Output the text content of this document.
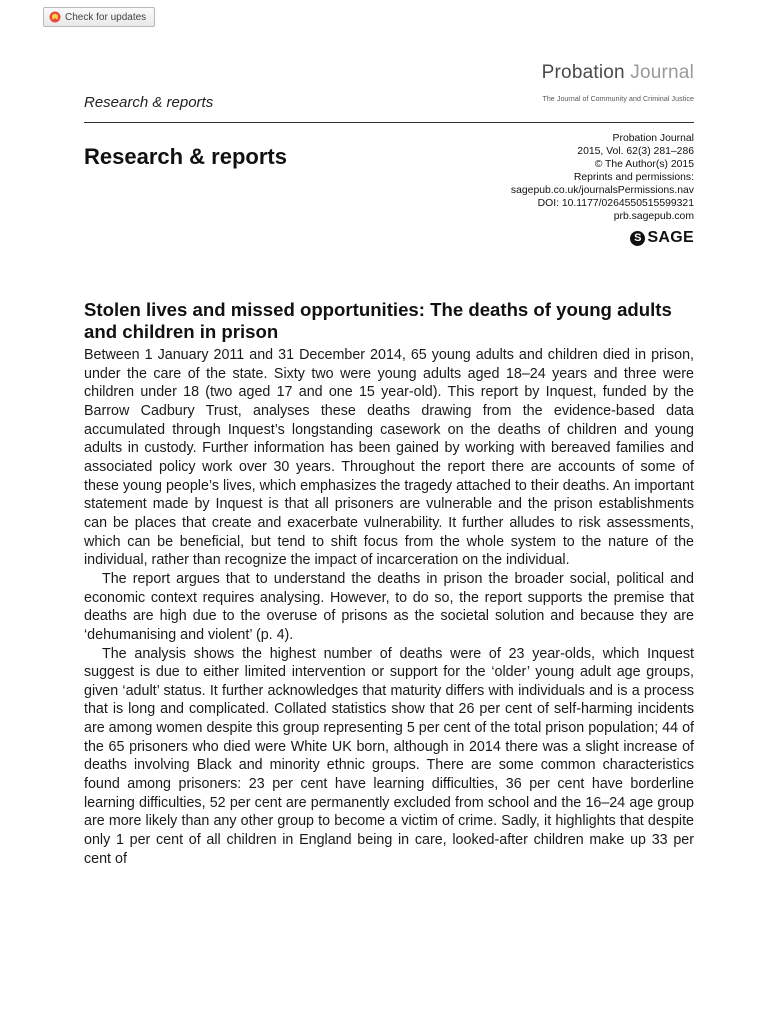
Check for updates
Probation Journal
The Journal of Community and Criminal Justice
Research & reports
Research & reports
Probation Journal
2015, Vol. 62(3) 281–286
© The Author(s) 2015
Reprints and permissions:
sagepub.co.uk/journalsPermissions.nav
DOI: 10.1177/0264550515599321
prb.sagepub.com
S SAGE
Stolen lives and missed opportunities: The deaths of young adults and children in prison

Between 1 January 2011 and 31 December 2014, 65 young adults and children died in prison, under the care of the state. Sixty two were young adults aged 18–24 years and three were children under 18 (two aged 17 and one 15 year-old). This report by Inquest, funded by the Barrow Cadbury Trust, analyses these deaths drawing from the evidence-based data accumulated through Inquest’s longstanding casework on the deaths of children and young adults in custody. Further information has been gained by working with bereaved families and associated policy work over 30 years. Throughout the report there are accounts of some of these young people’s lives, which emphasizes the tragedy attached to their deaths. An important statement made by Inquest is that all prisoners are vulnerable and the prison establishments can be places that create and exacerbate vulnerability. It further alludes to risk assessments, which can be beneficial, but tend to shift focus from the whole system to the nature of the individual, rather than recognize the impact of incarceration on the individual.

The report argues that to understand the deaths in prison the broader social, political and economic context requires analysing. However, to do so, the report supports the premise that deaths are high due to the overuse of prisons as the societal solution and because they are ‘dehumanising and violent’ (p. 4).

The analysis shows the highest number of deaths were of 23 year-olds, which Inquest suggest is due to either limited intervention or support for the ‘older’ young adult age groups, given ‘adult’ status. It further acknowledges that maturity differs with individuals and is a process that is long and complicated. Collated statistics show that 26 per cent of self-harming incidents are among women despite this group representing 5 per cent of the total prison population; 44 of the 65 prisoners who died were White UK born, although in 2014 there was a slight increase of deaths involving Black and minority ethnic groups. There are some common characteristics found among prisoners: 23 per cent have learning difficulties, 36 per cent have borderline learning difficulties, 52 per cent are permanently excluded from school and the 16–24 age group are more likely than any other group to become a victim of crime. Sadly, it highlights that despite only 1 per cent of all children in England being in care, looked-after children make up 33 per cent of
